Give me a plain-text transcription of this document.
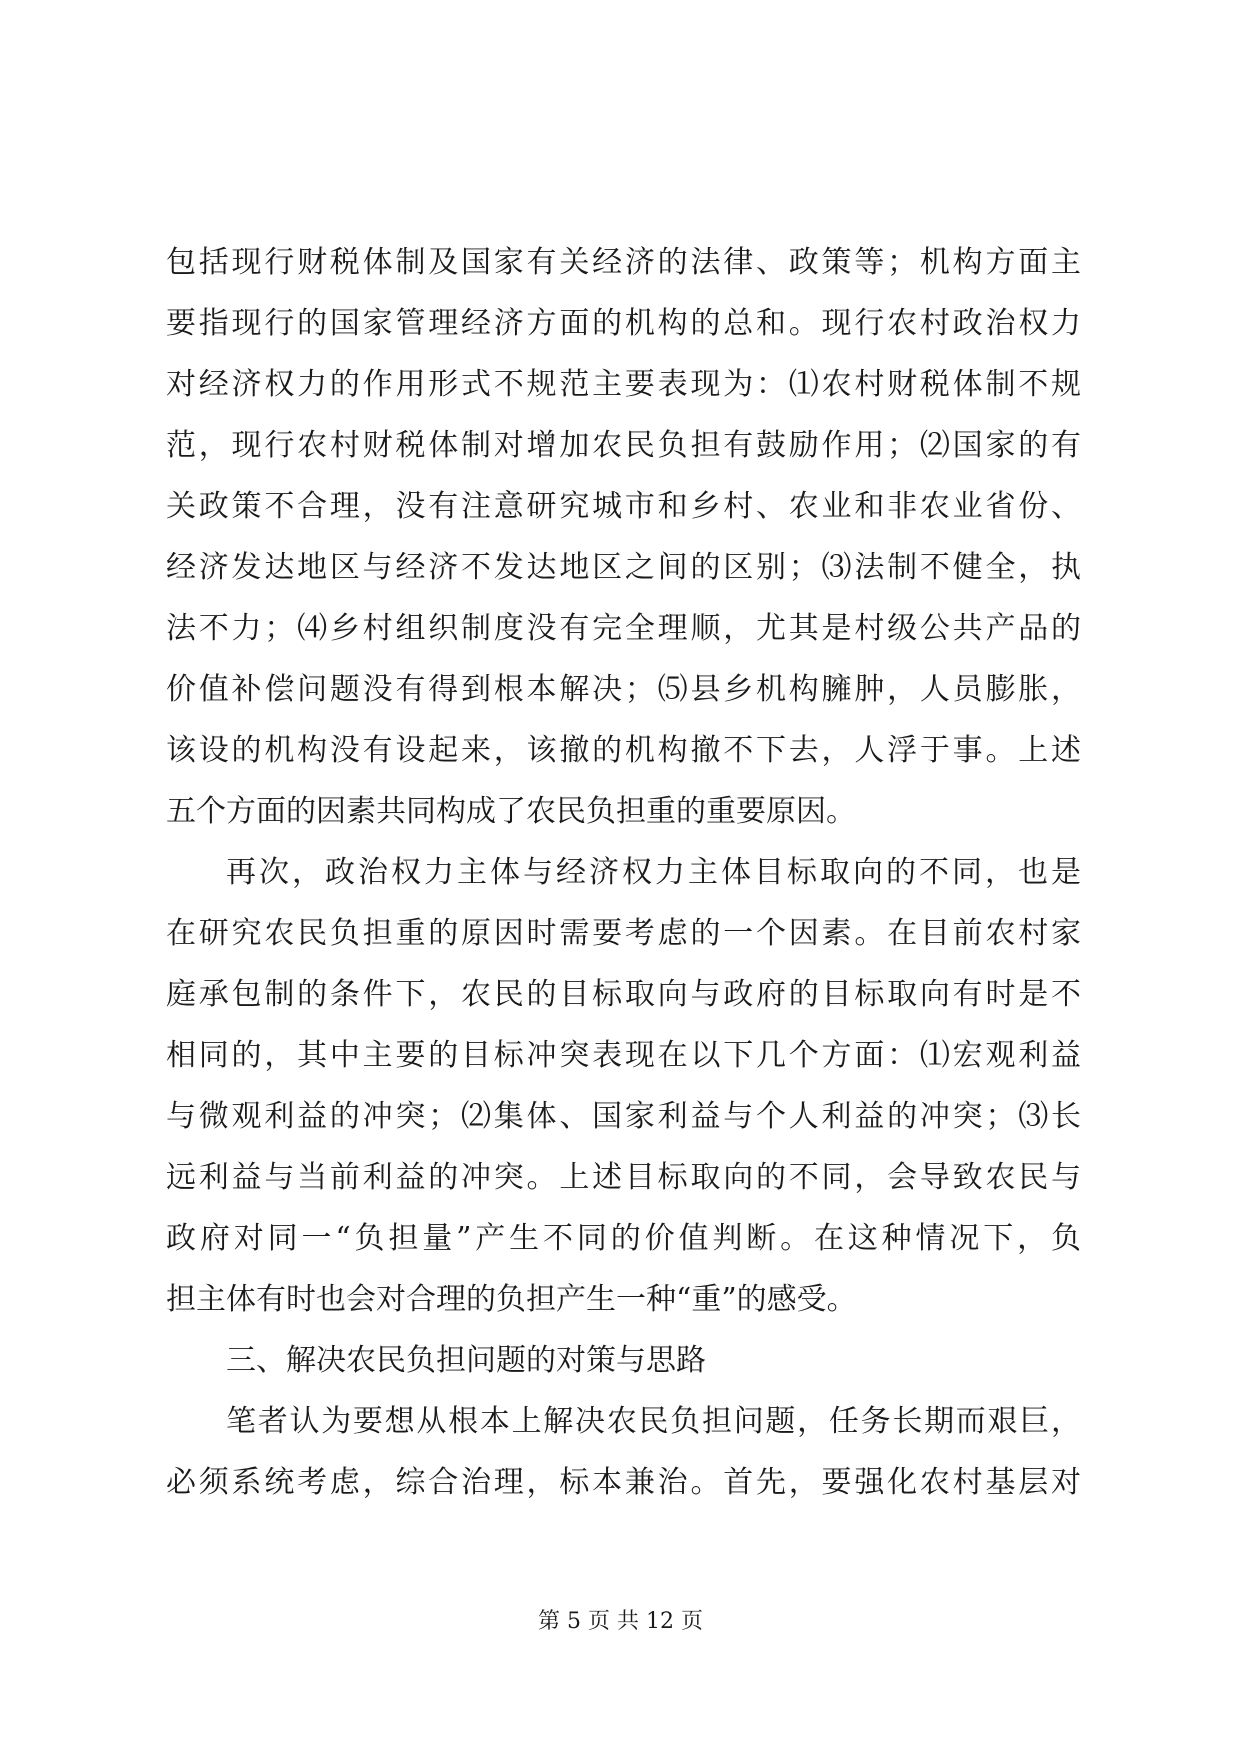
包括现行财税体制及国家有关经济的法律、政策等；机构方面主
要指现行的国家管理经济方面的机构的总和。现行农村政治权力
对经济权力的作用形式不规范主要表现为：⑴农村财税体制不规
范，现行农村财税体制对增加农民负担有鼓励作用；⑵国家的有
关政策不合理，没有注意研究城市和乡村、农业和非农业省份、
经济发达地区与经济不发达地区之间的区别；⑶法制不健全，执
法不力；⑷乡村组织制度没有完全理顺，尤其是村级公共产品的
价值补偿问题没有得到根本解决；⑸县乡机构臃肿，人员膨胀，
该设的机构没有设起来，该撤的机构撤不下去，人浮于事。上述
五个方面的因素共同构成了农民负担重的重要原因。
再次，政治权力主体与经济权力主体目标取向的不同，也是
在研究农民负担重的原因时需要考虑的一个因素。在目前农村家
庭承包制的条件下，农民的目标取向与政府的目标取向有时是不
相同的，其中主要的目标冲突表现在以下几个方面：⑴宏观利益
与微观利益的冲突；⑵集体、国家利益与个人利益的冲突；⑶长
远利益与当前利益的冲突。上述目标取向的不同，会导致农民与
政府对同一“负担量”产生不同的价值判断。在这种情况下，负
担主体有时也会对合理的负担产生一种“重”的感受。
三、解决农民负担问题的对策与思路
笔者认为要想从根本上解决农民负担问题，任务长期而艰巨，
必须系统考虑，综合治理，标本兼治。首先，要强化农村基层对
第 5 页 共 12 页
